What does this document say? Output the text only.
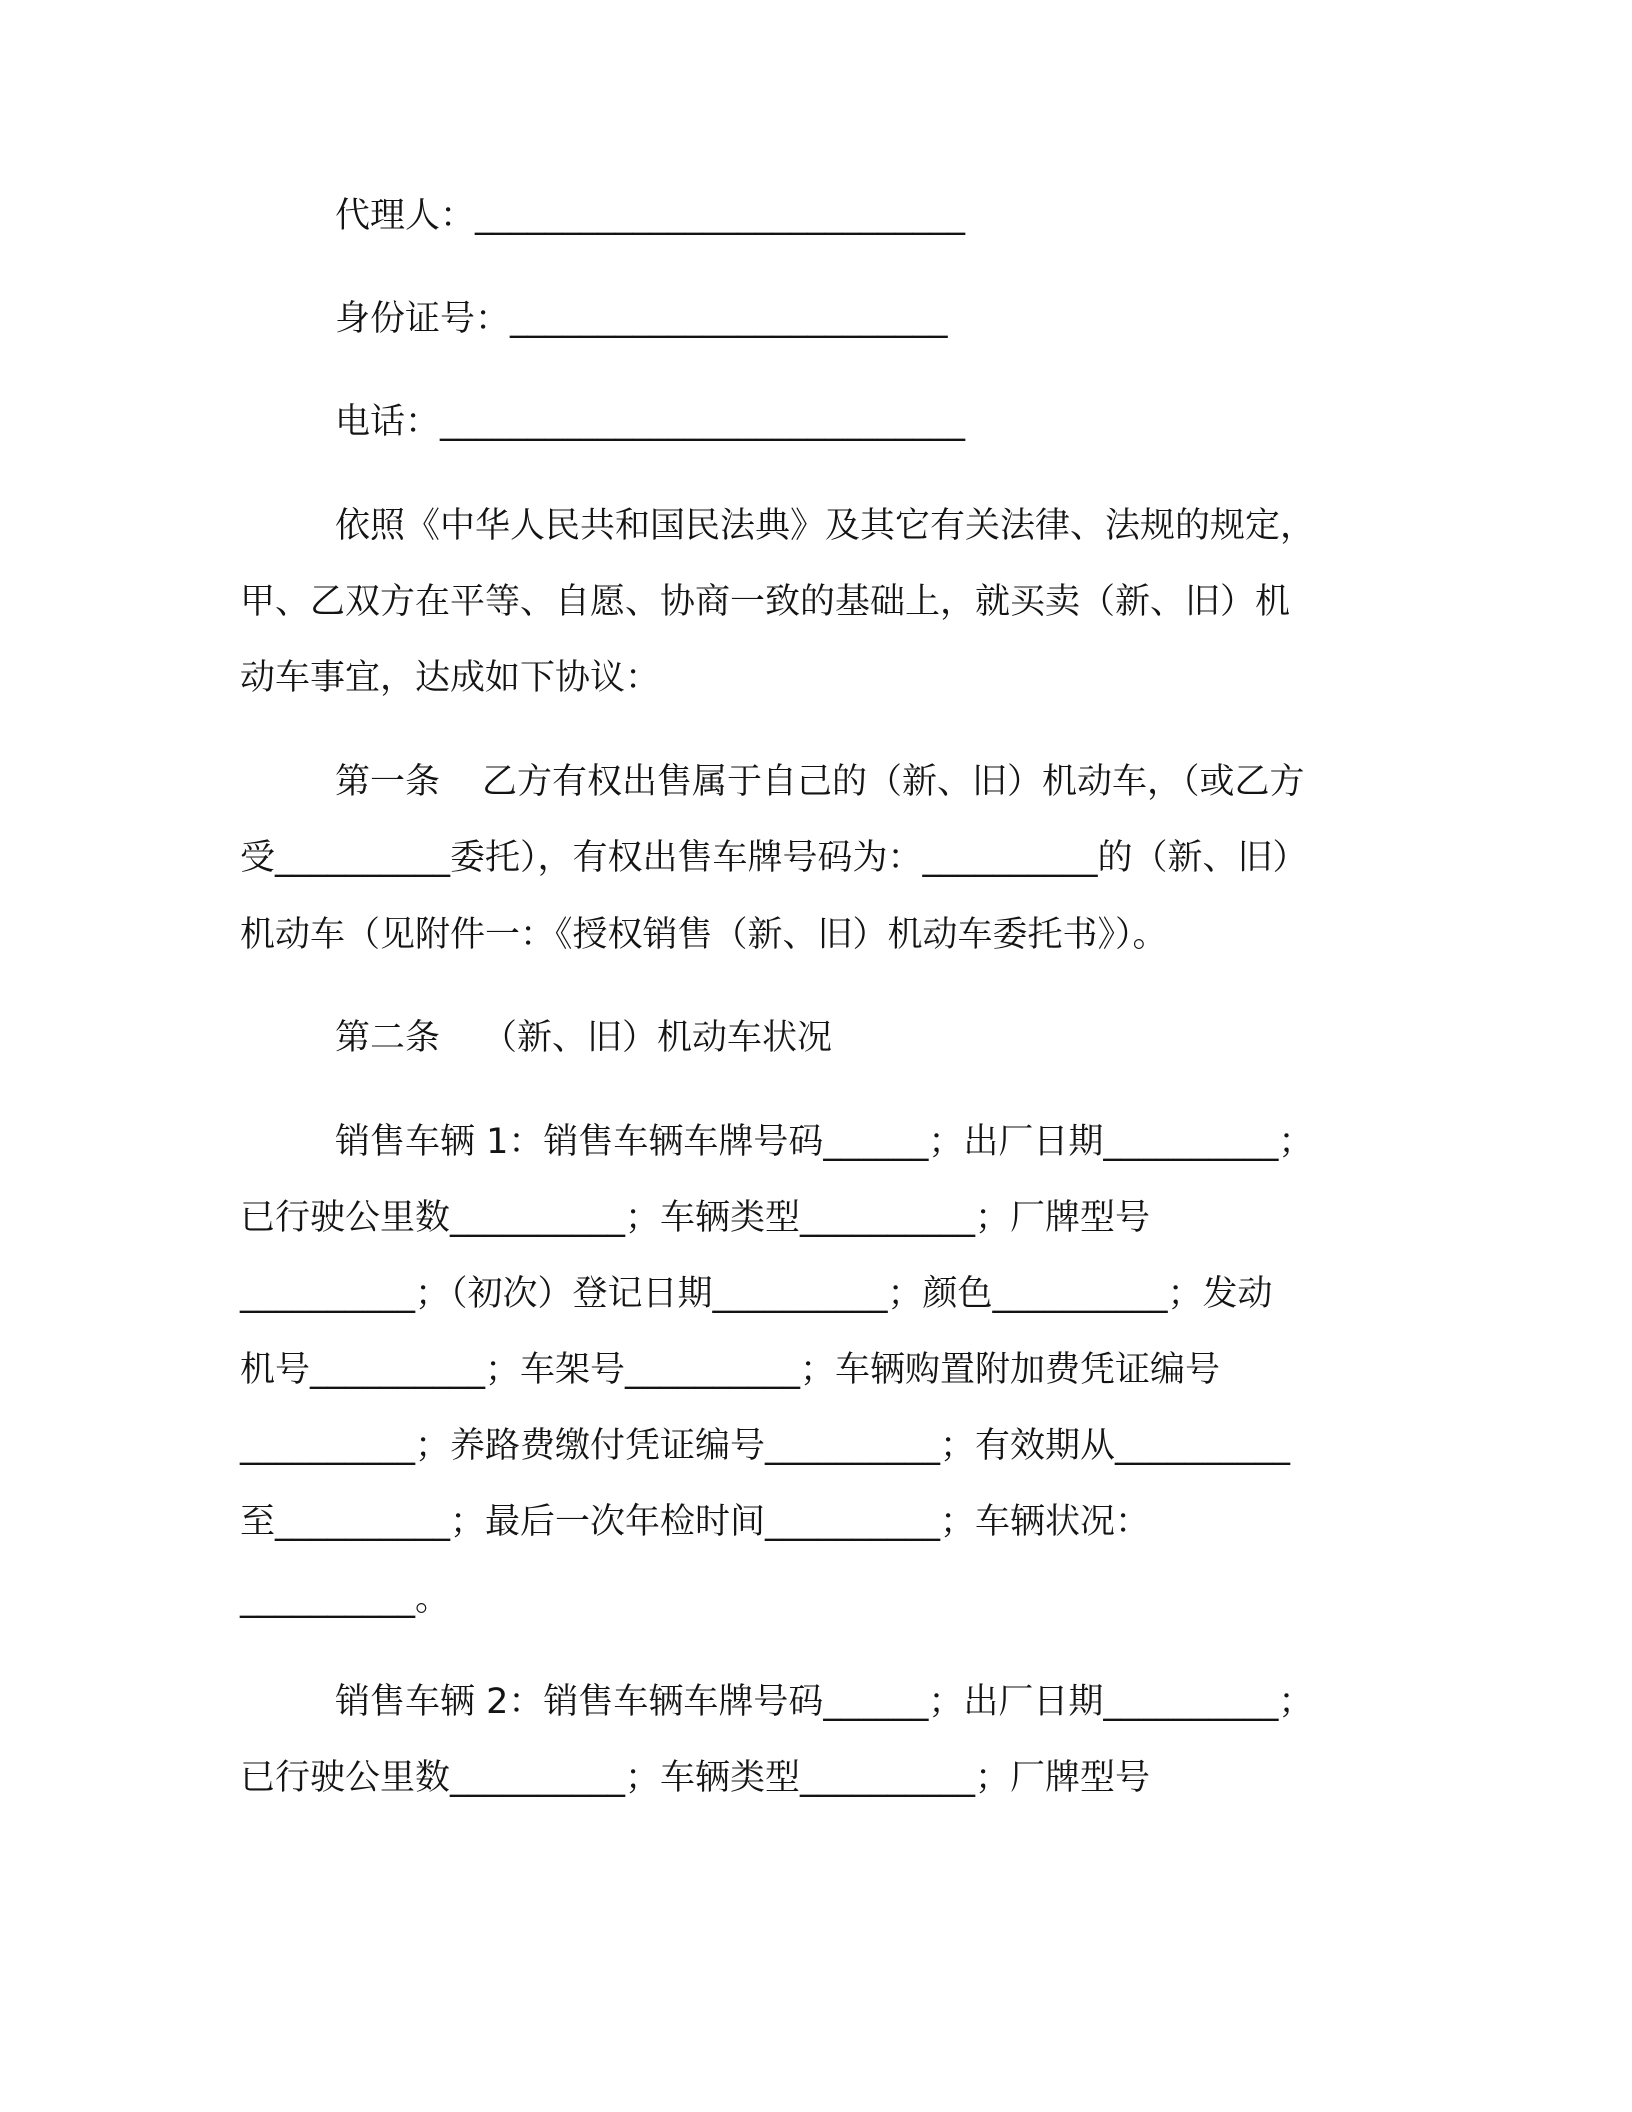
代理人：____________________________

身份证号：_________________________

电话：______________________________

依照《中华人民共和国民法典》及其它有关法律、法规的规定，

甲、乙双方在平等、自愿、协商一致的基础上，就买卖（新、旧）机

动车事宜，达成如下协议：

第一条 乙方有权出售属于自己的（新、旧）机动车，（或乙方

受__________委托），有权出售车牌号码为：__________的（新、旧）

机动车（见附件一：《授权销售（新、旧）机动车委托书》）。

第二条 （新、旧）机动车状况

销售车辆 1：销售车辆车牌号码______；出厂日期__________；

已行驶公里数__________；车辆类型__________；厂牌型号

__________；（初次）登记日期__________；颜色__________；发动

机号__________；车架号__________；车辆购置附加费凭证编号

__________；养路费缴付凭证编号__________；有效期从__________

至__________；最后一次年检时间__________；车辆状况：

__________。

销售车辆 2：销售车辆车牌号码______；出厂日期__________；

已行驶公里数__________；车辆类型__________；厂牌型号
